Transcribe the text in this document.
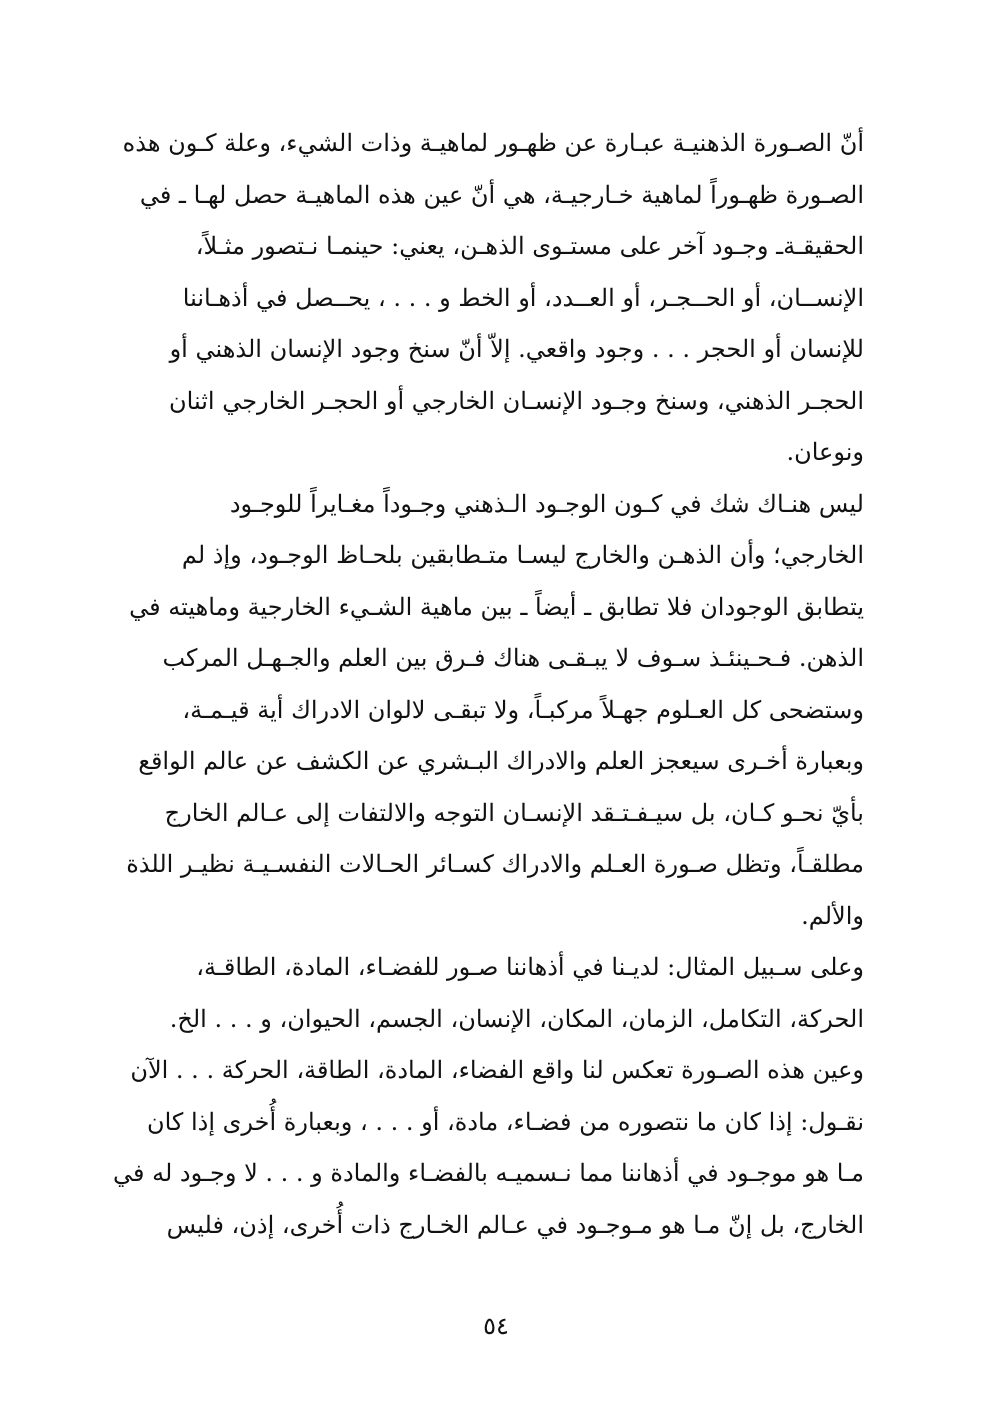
أنّ الصـورة الذهنيـة عبـارة عن ظهـور لماهيـة وذات الشيء، وعلة كـون هذه
الصـورة ظهـوراً لماهية خـارجيـة، هي أنّ عين هذه الماهيـة حصل لهـا ـ في
الحقيقـةـ وجـود آخر على مستـوى الذهـن، يعني: حينمـا نـتصور مثـلاً،
الإنســان، أو الحــجـر، أو العــدد، أو الخط و . . . ، يحــصل في أذهـاننا
للإنسان أو الحجر . . . وجود واقعي. إلاّ أنّ سنخ وجود الإنسان الذهني أو
الحجـر الذهني، وسنخ وجـود الإنسـان الخارجي أو الحجـر الخارجي اثنان
ونوعان.

ليس هنـاك شك في كـون الوجـود الـذهني وجـوداً مغـايراً للوجـود
الخارجي؛ وأن الذهـن والخارج ليسـا متـطابقين بلحـاظ الوجـود، وإذ لم
يتطابق الوجودان فلا تطابق ـ أيضاً ـ بين ماهية الشـيء الخارجية وماهيته في
الذهن. فـحـينئـذ سـوف لا يبـقـى هناك فـرق بين العلم والجـهـل المركب
وستضحى كل العـلوم جهـلاً مركبـاً، ولا تبقـى لالوان الادراك أية قيـمـة،
وبعبارة أخـرى سيعجز العلم والادراك البـشري عن الكشف عن عالم الواقع
بأيّ نحـو كـان، بل سيـفـتـقد الإنسـان التوجه والالتفات إلى عـالم الخارج
مطلقـاً، وتظل صـورة العـلم والادراك كسـائر الحـالات النفسـيـة نظيـر اللذة
والألم.

وعلى سـبيل المثال: لديـنا في أذهاننا صـور للفضـاء، المادة، الطاقـة،
الحركة، التكامل، الزمان، المكان، الإنسان، الجسم، الحيوان، و . . . الخ.
وعين هذه الصـورة تعكس لنا واقع الفضاء، المادة، الطاقة، الحركة . . . الآن
نقـول: إذا كان ما نتصوره من فضـاء، مادة، أو . . . ، وبعبارة أُخرى إذا كان
مـا هو موجـود في أذهاننا مما نـسميـه بالفضـاء والمادة و . . . لا وجـود له في
الخارج، بل إنّ مـا هو مـوجـود في عـالم الخـارج ذات أُخرى، إذن، فليس

٥٤
